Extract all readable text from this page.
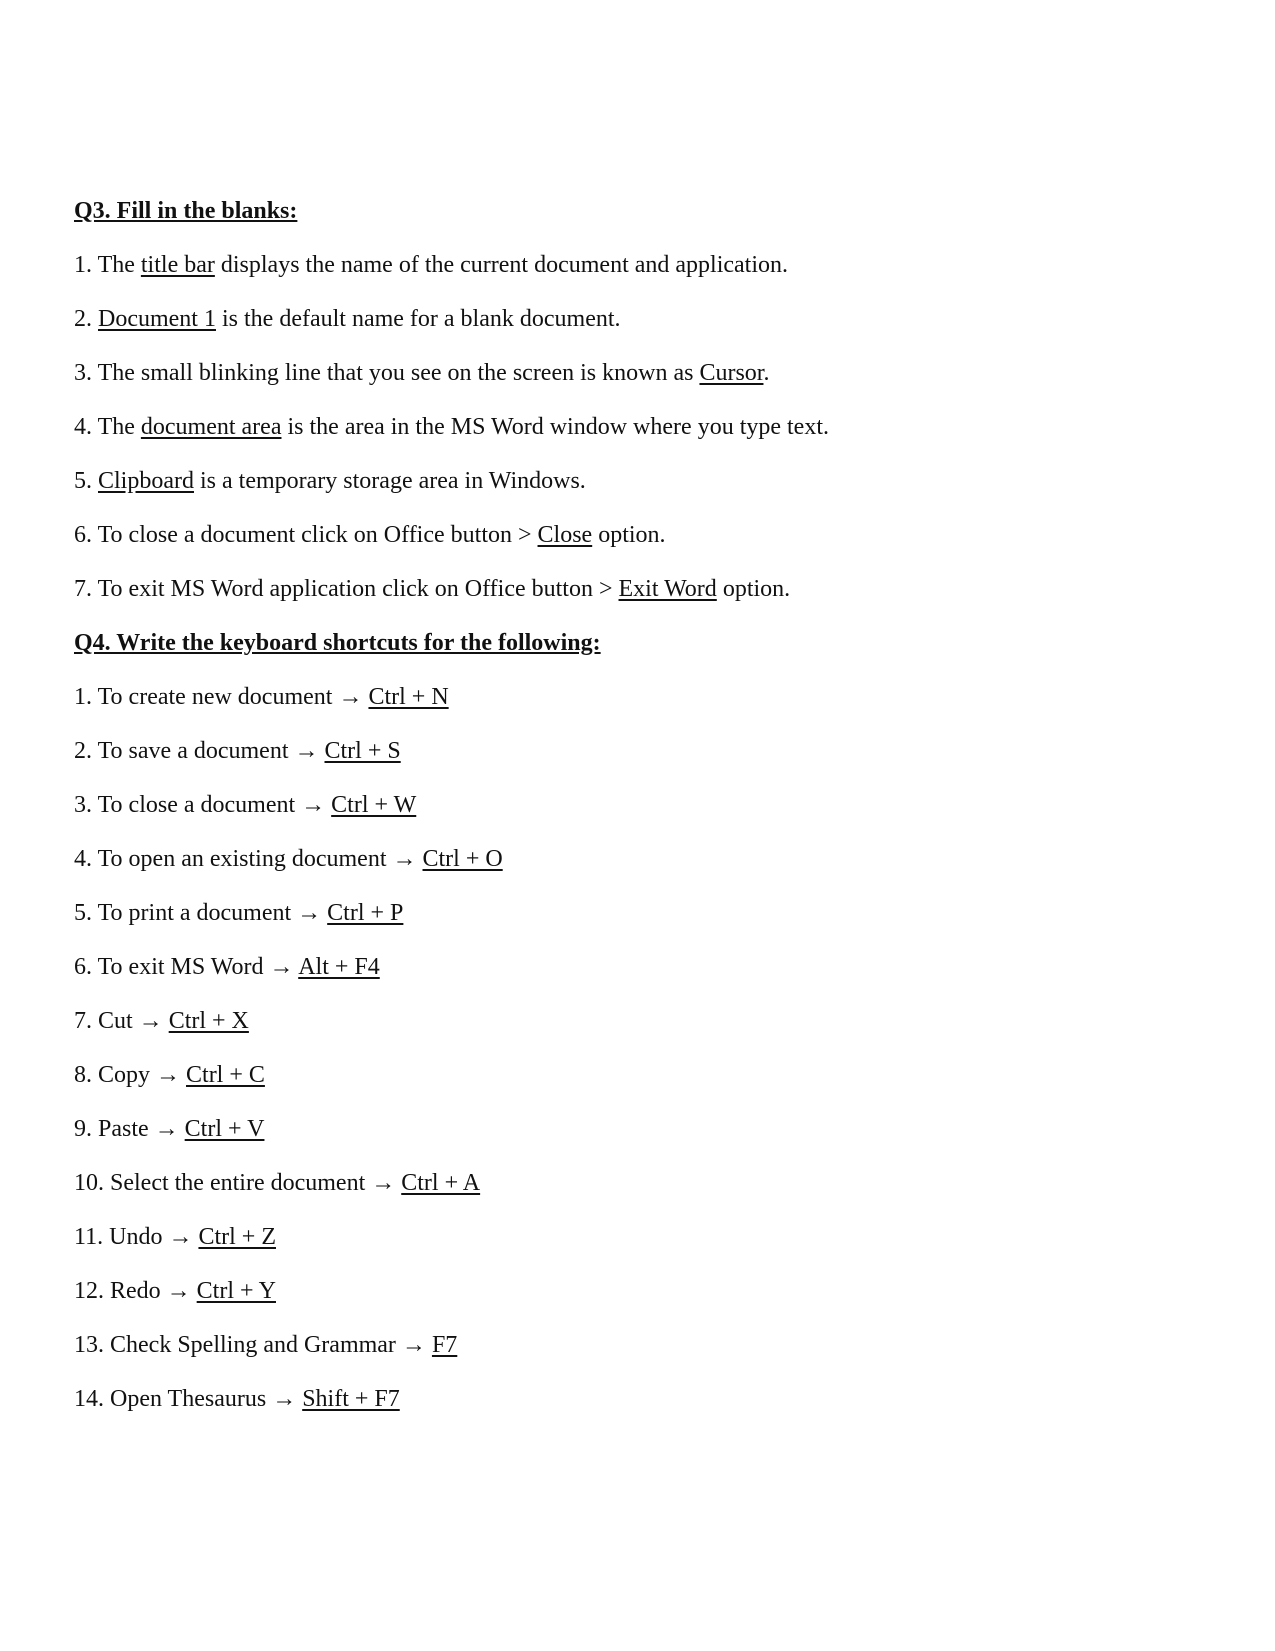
Q3. Fill in the blanks:
1. The title bar displays the name of the current document and application.
2. Document 1 is the default name for a blank document.
3. The small blinking line that you see on the screen is known as Cursor.
4. The document area is the area in the MS Word window where you type text.
5. Clipboard is a temporary storage area in Windows.
6. To close a document click on Office button > Close option.
7. To exit MS Word application click on Office button > Exit Word option.
Q4. Write the keyboard shortcuts for the following:
1. To create new document → Ctrl + N
2. To save a document → Ctrl + S
3. To close a document → Ctrl + W
4. To open an existing document → Ctrl + O
5. To print a document → Ctrl + P
6. To exit MS Word → Alt + F4
7. Cut → Ctrl + X
8. Copy → Ctrl + C
9. Paste → Ctrl + V
10. Select the entire document → Ctrl + A
11. Undo → Ctrl + Z
12. Redo → Ctrl + Y
13. Check Spelling and Grammar → F7
14. Open Thesaurus → Shift + F7
